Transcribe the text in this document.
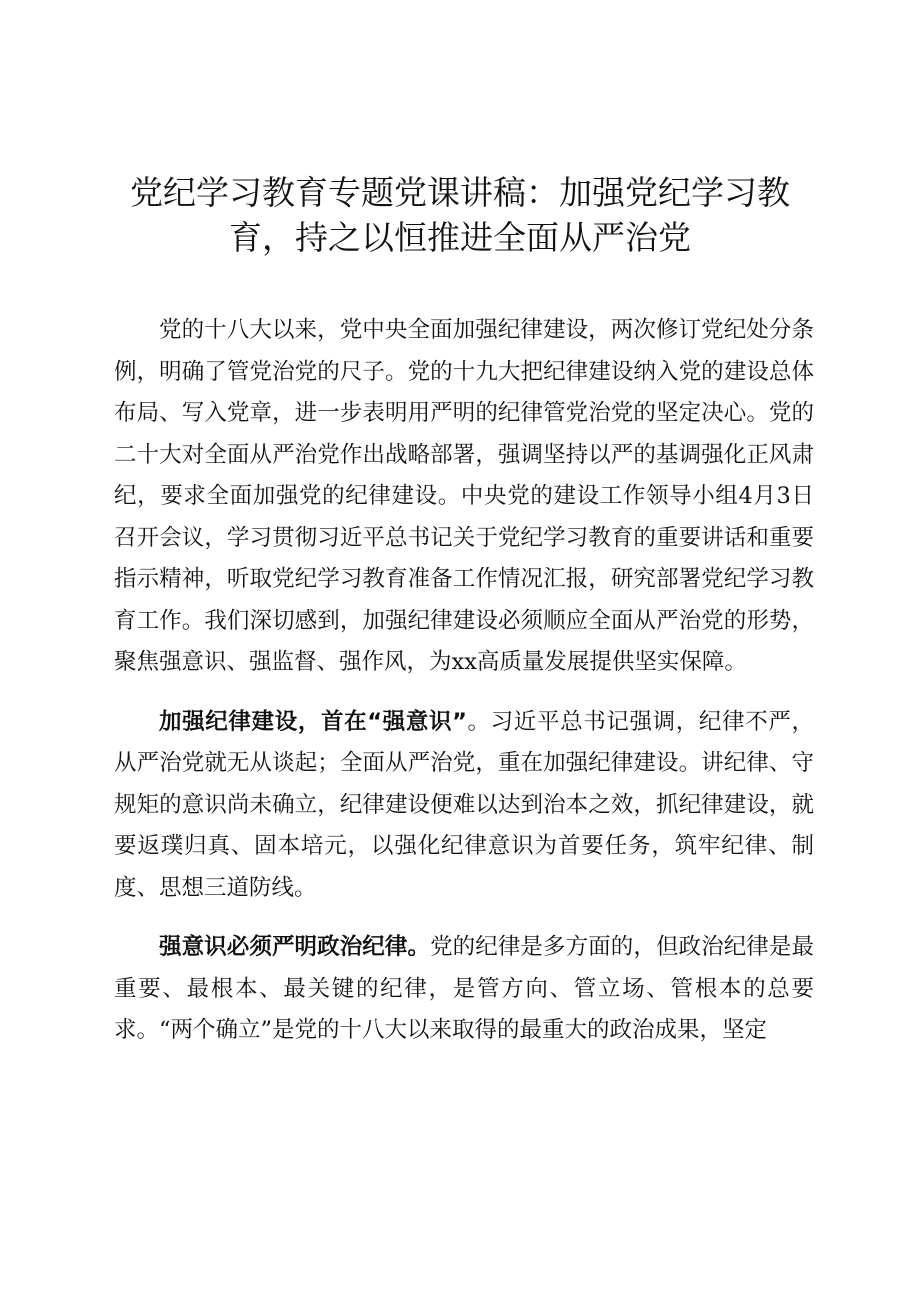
党纪学习教育专题党课讲稿：加强党纪学习教
育，持之以恒推进全面从严治党

党的十八大以来，党中央全面加强纪律建设，两次修订党纪处分条例，明确了管党治党的尺子。党的十九大把纪律建设纳入党的建设总体布局、写入党章，进一步表明用严明的纪律管党治党的坚定决心。党的二十大对全面从严治党作出战略部署，强调坚持以严的基调强化正风肃纪，要求全面加强党的纪律建设。中央党的建设工作领导小组4月3日召开会议，学习贯彻习近平总书记关于党纪学习教育的重要讲话和重要指示精神，听取党纪学习教育准备工作情况汇报，研究部署党纪学习教育工作。我们深切感到，加强纪律建设必须顺应全面从严治党的形势，聚焦强意识、强监督、强作风，为xx高质量发展提供坚实保障。

加强纪律建设，首在“强意识”。习近平总书记强调，纪律不严，从严治党就无从谈起；全面从严治党，重在加强纪律建设。讲纪律、守规矩的意识尚未确立，纪律建设便难以达到治本之效，抓纪律建设，就要返璞归真、固本培元，以强化纪律意识为首要任务，筑牢纪律、制度、思想三道防线。

强意识必须严明政治纪律。党的纪律是多方面的，但政治纪律是最重要、最根本、最关键的纪律，是管方向、管立场、管根本的总要求。“两个确立”是党的十八大以来取得的最重大的政治成果，坚定
